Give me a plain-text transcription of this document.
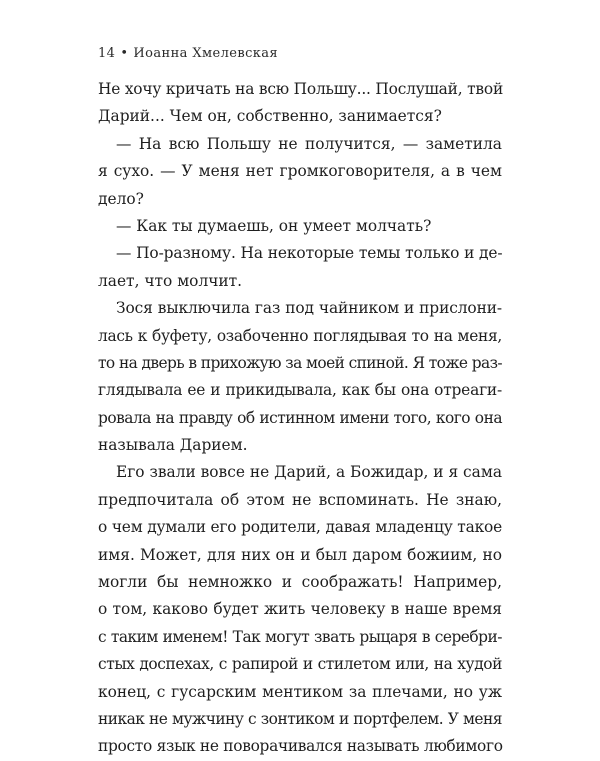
14 • Иоанна Хмелевская
Не хочу кричать на всю Польшу... Послушай, твой
Дарий... Чем он, собственно, занимается?
— На всю Польшу не получится, — заметила
я сухо. — У меня нет громкоговорителя, а в чем
дело?
— Как ты думаешь, он умеет молчать?
— По-разному. На некоторые темы только и де-
лает, что молчит.
Зося выключила газ под чайником и прислони-
лась к буфету, озабоченно поглядывая то на меня,
то на дверь в прихожую за моей спиной. Я тоже раз-
глядывала ее и прикидывала, как бы она отреаги-
ровала на правду об истинном имени того, кого она
называла Дарием.
Его звали вовсе не Дарий, а Божидар, и я сама
предпочитала об этом не вспоминать. Не знаю,
о чем думали его родители, давая младенцу такое
имя. Может, для них он и был даром божиим, но
могли бы немножко и соображать! Например,
о том, каково будет жить человеку в наше время
с таким именем! Так могут звать рыцаря в серебри-
стых доспехах, с рапирой и стилетом или, на худой
конец, с гусарским ментиком за плечами, но уж
никак не мужчину с зонтиком и портфелем. У меня
просто язык не поворачивался называть любимого
